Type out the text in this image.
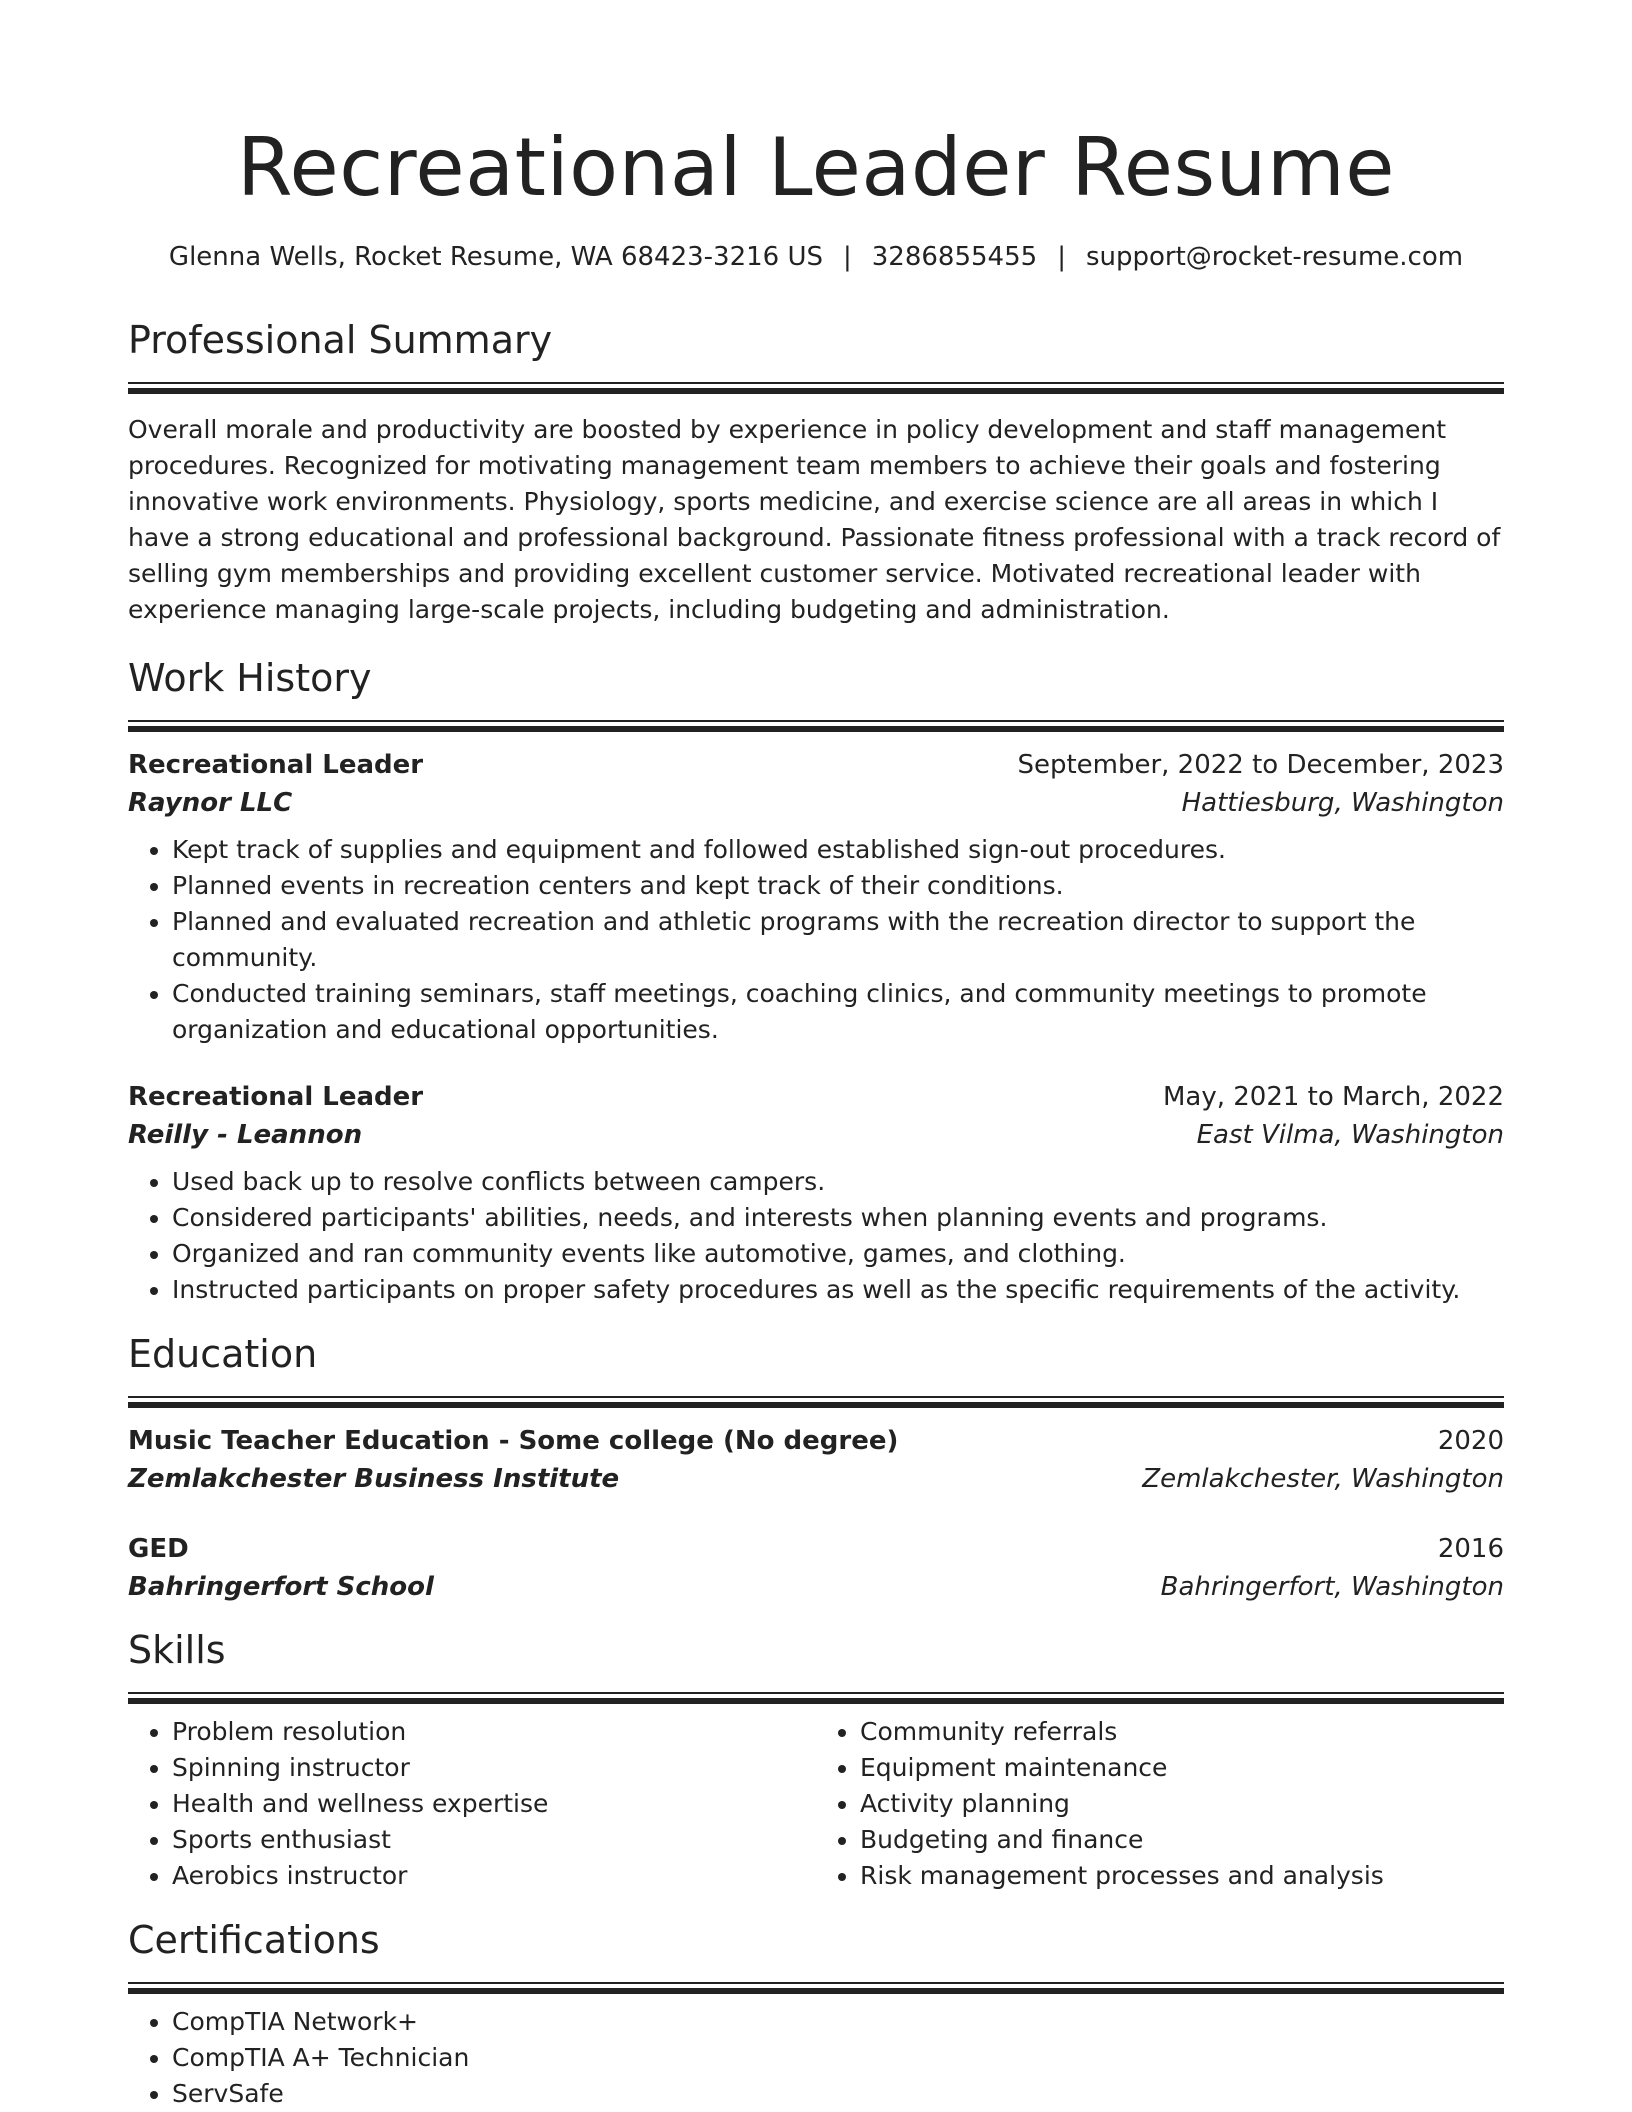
Recreational Leader Resume
Glenna Wells, Rocket Resume, WA 68423-3216 US | 3286855455 | support@rocket-resume.com
Professional Summary
Overall morale and productivity are boosted by experience in policy development and staff management procedures. Recognized for motivating management team members to achieve their goals and fostering innovative work environments. Physiology, sports medicine, and exercise science are all areas in which I have a strong educational and professional background. Passionate fitness professional with a track record of selling gym memberships and providing excellent customer service. Motivated recreational leader with experience managing large-scale projects, including budgeting and administration.
Work History
Recreational Leader	September, 2022 to December, 2023
Raynor LLC	Hattiesburg, Washington
• Kept track of supplies and equipment and followed established sign-out procedures.
• Planned events in recreation centers and kept track of their conditions.
• Planned and evaluated recreation and athletic programs with the recreation director to support the community.
• Conducted training seminars, staff meetings, coaching clinics, and community meetings to promote organization and educational opportunities.
Recreational Leader	May, 2021 to March, 2022
Reilly - Leannon	East Vilma, Washington
• Used back up to resolve conflicts between campers.
• Considered participants' abilities, needs, and interests when planning events and programs.
• Organized and ran community events like automotive, games, and clothing.
• Instructed participants on proper safety procedures as well as the specific requirements of the activity.
Education
Music Teacher Education - Some college (No degree)	2020
Zemlakchester Business Institute	Zemlakchester, Washington
GED	2016
Bahringerfort School	Bahringerfort, Washington
Skills
• Problem resolution
• Spinning instructor
• Health and wellness expertise
• Sports enthusiast
• Aerobics instructor
• Community referrals
• Equipment maintenance
• Activity planning
• Budgeting and finance
• Risk management processes and analysis
Certifications
• CompTIA Network+
• CompTIA A+ Technician
• ServSafe
